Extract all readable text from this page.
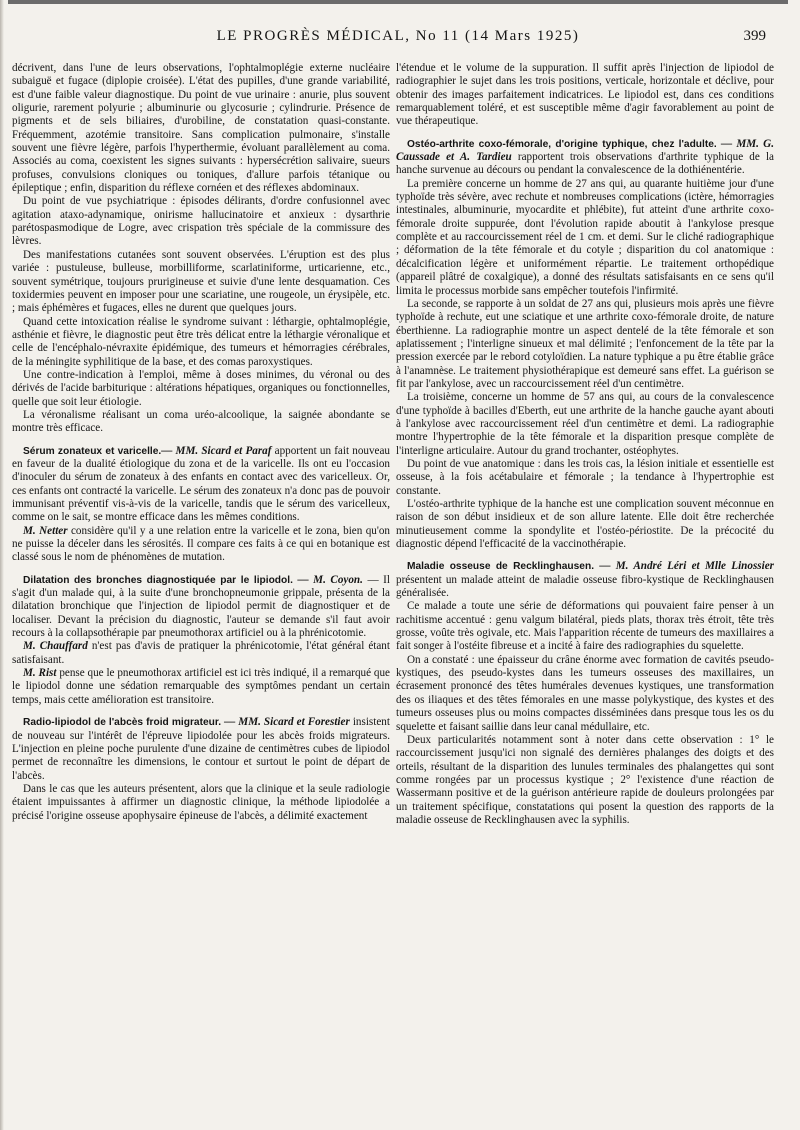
LE PROGRÈS MÉDICAL, No 11 (14 Mars 1925)	399

décrivent, dans l'une de leurs observations, l'ophtalmoplégie externe nucléaire subaiguë et fugace (diplopie croisée). L'état des pupilles, d'une grande variabilité, est d'une faible valeur diagnostique. Du point de vue urinaire : anurie, plus souvent oligurie, rarement polyurie ; albuminurie ou glycosurie ; cylindrurie. Présence de pigments et de sels biliaires, d'urobiline, de constatation quasi-constante. Fréquemment, azotémie transitoire. Sans complication pulmonaire, s'installe souvent une fièvre légère, parfois l'hyperthermie, évoluant parallèlement au coma. Associés au coma, coexistent les signes suivants : hypersécrétion salivaire, sueurs profuses, convulsions cloniques ou toniques, d'allure parfois tétanique ou épileptique ; enfin, disparition du réflexe cornéen et des réflexes abdominaux.

Du point de vue psychiatrique : épisodes délirants, d'ordre confusionnel avec agitation ataxo-adynamique, onirisme hallucinatoire et anxieux : dysarthrie parétospasmodique de Logre, avec crispation très spéciale de la commissure des lèvres.

Des manifestations cutanées sont souvent observées. L'éruption est des plus variée : pustuleuse, bulleuse, morbilliforme, scarlatiniforme, urticarienne, etc., souvent symétrique, toujours prurigineuse et suivie d'une lente desquamation. Ces toxidermies peuvent en imposer pour une scariatine, une rougeole, un érysipèle, etc. ; mais éphémères et fugaces, elles ne durent que quelques jours.

Quand cette intoxication réalise le syndrome suivant : léthargie, ophtalmoplégie, asthénie et fièvre, le diagnostic peut être très délicat entre la léthargie véronalique et celle de l'encéphalo-névraxite épidémique, des tumeurs et hémorragies cérébrales, de la méningite syphilitique de la base, et des comas paroxystiques.

Une contre-indication à l'emploi, même à doses minimes, du véronal ou des dérivés de l'acide barbiturique : altérations hépatiques, organiques ou fonctionnelles, quelle que soit leur étiologie.

La véronalisme réalisant un coma uréo-alcoolique, la saignée abondante se montre très efficace.

Sérum zonateux et varicelle.— MM. Sicard et Paraf apportent un fait nouveau en faveur de la dualité étiologique du zona et de la varicelle. Ils ont eu l'occasion d'inoculer du sérum de zonateux à des enfants en contact avec des varicelleux. Or, ces enfants ont contracté la varicelle. Le sérum des zonateux n'a donc pas de pouvoir immunisant préventif vis-à-vis de la varicelle, tandis que le sérum des varicelleux, comme on le sait, se montre efficace dans les mêmes conditions.

M. Netter considère qu'il y a une relation entre la varicelle et le zona, bien qu'on ne puisse la déceler dans les sérosités. Il compare ces faits à ce qui en botanique est classé sous le nom de phénomènes de mutation.

Dilatation des bronches diagnostiquée par le lipiodol. — M. Coyon. — Il s'agit d'un malade qui, à la suite d'une bronchopneumonie grippale, présenta de la dilatation bronchique que l'injection de lipiodol permit de diagnostiquer et de localiser. Devant la précision du diagnostic, l'auteur se demande s'il faut avoir recours à la collapsothérapie par pneumothorax artificiel ou à la phrénicotomie.

M. Chauffard n'est pas d'avis de pratiquer la phrénicotomie, l'état général étant satisfaisant.

M. Rist pense que le pneumothorax artificiel est ici très indiqué, il a remarqué que le lipiodol donne une sédation remarquable des symptômes pendant un certain temps, mais cette amélioration est transitoire.

Radio-lipiodol de l'abcès froid migrateur. — MM. Sicard et Forestier insistent de nouveau sur l'intérêt de l'épreuve lipiodolée pour les abcès froids migrateurs. L'injection en pleine poche purulente d'une dizaine de centimètres cubes de lipiodol permet de reconnaître les dimensions, le contour et surtout le point de départ de l'abcès.

Dans le cas que les auteurs présentent, alors que la clinique et la seule radiologie étaient impuissantes à affirmer un diagnostic clinique, la méthode lipiodolée a précisé l'origine osseuse apophysaire épineuse de l'abcès, a délimité exactement

l'étendue et le volume de la suppuration. Il suffit après l'injection de lipiodol de radiographier le sujet dans les trois positions, verticale, horizontale et déclive, pour obtenir des images parfaitement indicatrices. Le lipiodol est, dans ces conditions remarquablement toléré, et est susceptible même d'agir favorablement au point de vue thérapeutique.

Ostéo-arthrite coxo-fémorale, d'origine typhique, chez l'adulte. — MM. G. Caussade et A. Tardieu rapportent trois observations d'arthrite typhique de la hanche survenue au décours ou pendant la convalescence de la dothiénentérie.

La première concerne un homme de 27 ans qui, au quarante huitième jour d'une typhoïde très sévère, avec rechute et nombreuses complications (ictère, hémorragies intestinales, albuminurie, myocardite et phlébite), fut atteint d'une arthrite coxo-fémorale droite suppurée, dont l'évolution rapide aboutit à l'ankylose presque complète et au raccourcissement réel de 1 cm. et demi. Sur le cliché radiographique ; déformation de la tête fémorale et du cotyle ; disparition du col anatomique : décalcification légère et uniformément répartie. Le traitement orthopédique (appareil plâtré de coxalgique), a donné des résultats satisfaisants en ce sens qu'il limita le processus morbide sans empêcher toutefois l'infirmité.

La seconde, se rapporte à un soldat de 27 ans qui, plusieurs mois après une fièvre typhoïde à rechute, eut une sciatique et une arthrite coxo-fémorale droite, de nature éberthienne. La radiographie montre un aspect dentelé de la tête fémorale et son aplatissement ; l'interligne sinueux et mal délimité ; l'enfoncement de la tête par la pression exercée par le rebord cotyloïdien. La nature typhique a pu être établie grâce à l'anamnèse. Le traitement physiothérapique est demeuré sans effet. La guérison se fit par l'ankylose, avec un raccourcissement réel d'un centimètre.

La troisième, concerne un homme de 57 ans qui, au cours de la convalescence d'une typhoïde à bacilles d'Eberth, eut une arthrite de la hanche gauche ayant abouti à l'ankylose avec raccourcissement réel d'un centimètre et demi. La radiographie montre l'hypertrophie de la tête fémorale et la disparition presque complète de l'interligne articulaire. Autour du grand trochanter, ostéophytes.

Du point de vue anatomique : dans les trois cas, la lésion initiale et essentielle est osseuse, à la fois acétabulaire et fémorale ; la tendance à l'hypertrophie est constante.

L'ostéo-arthrite typhique de la hanche est une complication souvent méconnue en raison de son début insidieux et de son allure latente. Elle doit être recherchée minutieusement comme la spondylite et l'ostéo-périostite. De la précocité du diagnostic dépend l'efficacité de la vaccinothérapie.

Maladie osseuse de Recklinghausen. — M. André Léri et Mlle Linossier présentent un malade atteint de maladie osseuse fibro-kystique de Recklinghausen généralisée.

Ce malade a toute une série de déformations qui pouvaient faire penser à un rachitisme accentué : genu valgum bilatéral, pieds plats, thorax très étroit, tête très grosse, voûte très ogivale, etc. Mais l'apparition récente de tumeurs des maxillaires a fait songer à l'ostéite fibreuse et a incité à faire des radiographies du squelette.

On a constaté : une épaisseur du crâne énorme avec formation de cavités pseudo-kystiques, des pseudo-kystes dans les tumeurs osseuses des maxillaires, un écrasement prononcé des têtes humérales devenues kystiques, une transformation des os iliaques et des têtes fémorales en une masse polykystique, des kystes et des tumeurs osseuses plus ou moins compactes disséminées dans presque tous les os du squelette et faisant saillie dans leur canal médullaire, etc.

Deux particularités notamment sont à noter dans cette observation : 1° le raccourcissement jusqu'ici non signalé des dernières phalanges des doigts et des orteils, résultant de la disparition des lunules terminales des phalangettes qui sont comme rongées par un processus kystique ; 2° l'existence d'une réaction de Wassermann positive et de la guérison antérieure rapide de douleurs prolongées par un traitement spécifique, constatations qui posent la question des rapports de la maladie osseuse de Recklinghausen avec la syphilis.
